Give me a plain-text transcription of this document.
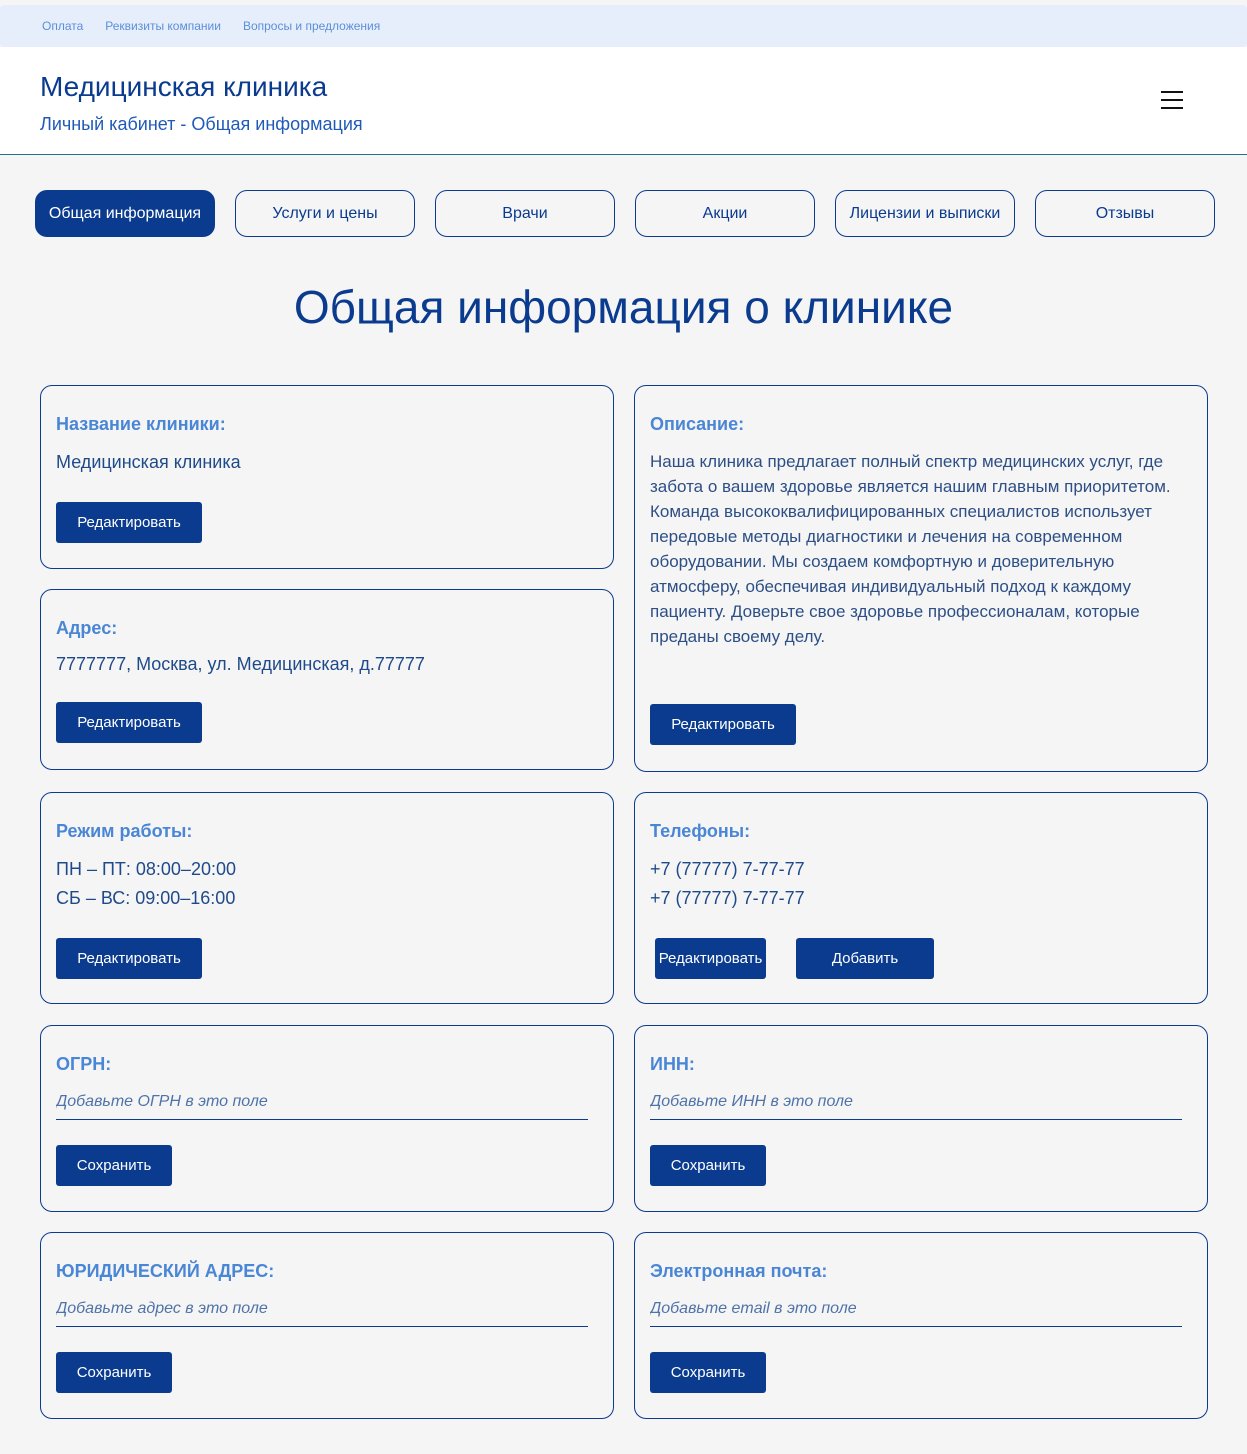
Оплата Реквизиты компании Вопросы и предложения
Медицинская клиника
Личный кабинет - Общая информация
Общая информация	Услуги и цены	Врачи	Акции	Лицензии и выписки	Отзывы
Общая информация о клинике
Название клиники:
Медицинская клиника
Редактировать
Адрес:
7777777, Москва, ул. Медицинская, д.77777
Редактировать
Описание:
Наша клиника предлагает полный спектр медицинских услуг, где забота о вашем здоровье является нашим главным приоритетом. Команда высококвалифицированных специалистов использует передовые методы диагностики и лечения на современном оборудовании. Мы создаем комфортную и доверительную атмосферу, обеспечивая индивидуальный подход к каждому пациенту. Доверьте свое здоровье профессионалам, которые преданы своему делу.
Редактировать
Режим работы:
ПН – ПТ: 08:00–20:00
СБ – ВС: 09:00–16:00
Редактировать
Телефоны:
+7 (77777) 7-77-77
+7 (77777) 7-77-77
Редактировать	Добавить
ОГРН:
Добавьте ОГРН в это поле
Сохранить
ИНН:
Добавьте ИНН в это поле
Сохранить
ЮРИДИЧЕСКИЙ АДРЕС:
Добавьте адрес в это поле
Сохранить
Электронная почта:
Добавьте email в это поле
Сохранить
